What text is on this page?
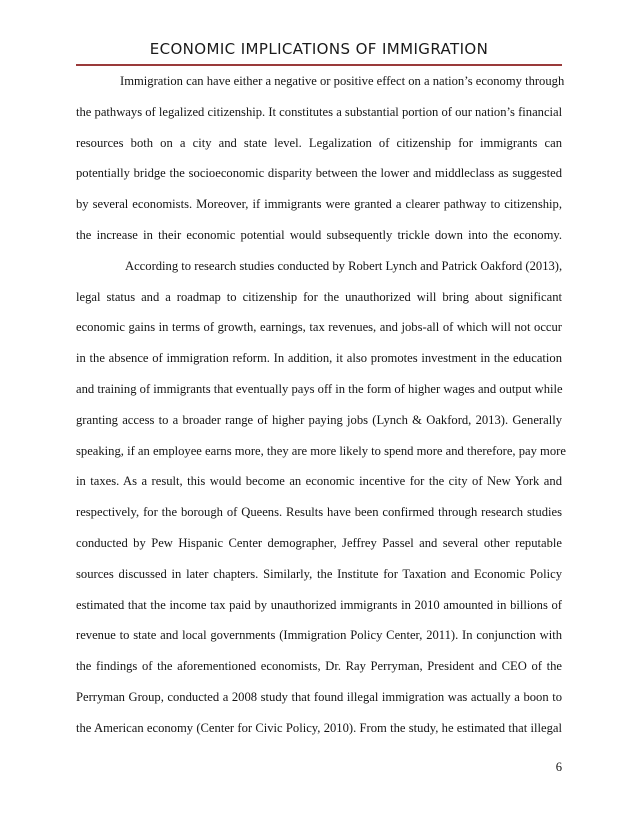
ECONOMIC IMPLICATIONS OF IMMIGRATION
Immigration can have either a negative or positive effect on a nation’s economy through
the pathways of legalized citizenship. It constitutes a substantial portion of our nation’s financial
resources both on a city and state level. Legalization of citizenship for immigrants can
potentially bridge the socioeconomic disparity between the lower and middleclass as suggested
by several economists. Moreover, if immigrants were granted a clearer pathway to citizenship,
the increase in their economic potential would subsequently trickle down into the economy.
According to research studies conducted by Robert Lynch and Patrick Oakford (2013),
legal status and a roadmap to citizenship for the unauthorized will bring about significant
economic gains in terms of growth, earnings, tax revenues, and jobs-all of which will not occur
in the absence of immigration reform. In addition, it also promotes investment in the education
and training of immigrants that eventually pays off in the form of higher wages and output while
granting access to a broader range of higher paying jobs (Lynch & Oakford, 2013). Generally
speaking, if an employee earns more, they are more likely to spend more and therefore, pay more
in taxes. As a result, this would become an economic incentive for the city of New York and
respectively, for the borough of Queens. Results have been confirmed through research studies
conducted by Pew Hispanic Center demographer, Jeffrey Passel and several other reputable
sources discussed in later chapters. Similarly, the Institute for Taxation and Economic Policy
estimated that the income tax paid by unauthorized immigrants in 2010 amounted in billions of
revenue to state and local governments (Immigration Policy Center, 2011). In conjunction with
the findings of the aforementioned economists, Dr. Ray Perryman, President and CEO of the
Perryman Group, conducted a 2008 study that found illegal immigration was actually a boon to
the American economy (Center for Civic Policy, 2010). From the study, he estimated that illegal
6
